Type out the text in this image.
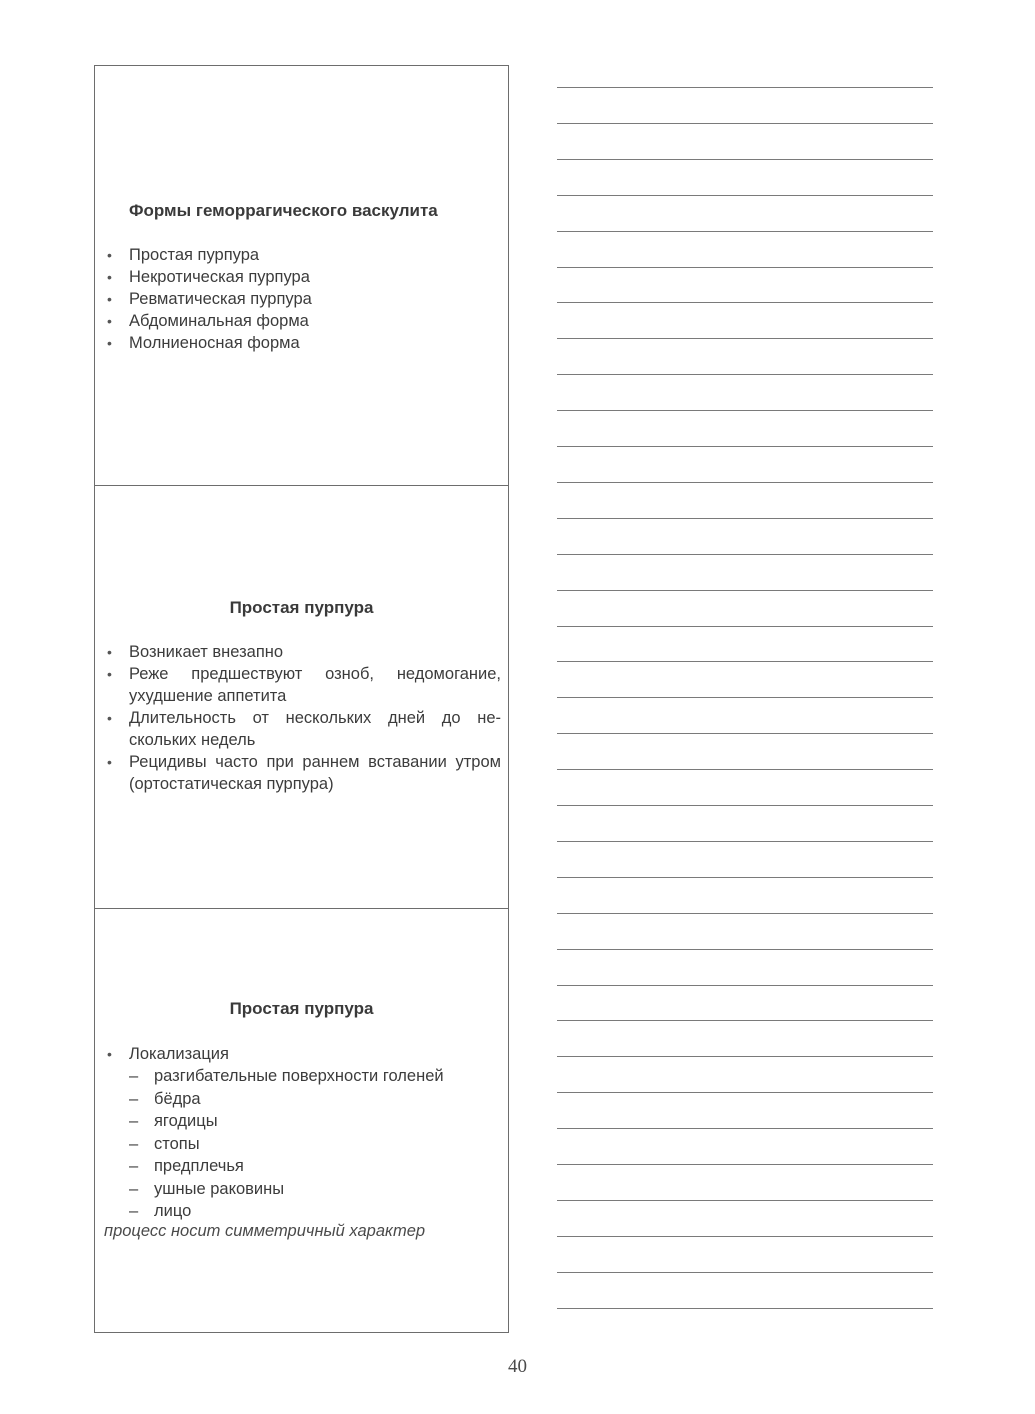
Формы геморрагического васкулита
• Простая пурпура
• Некротическая пурпура
• Ревматическая пурпура
• Абдоминальная форма
• Молниеносная форма
Простая пурпура
• Возникает внезапно
• Реже предшествуют озноб, недомогание, ухудшение аппетита
• Длительность от нескольких дней до не-скольких недель
• Рецидивы часто при раннем вставании утром (ортостатическая пурпура)
Простая пурпура
• Локализация
– разгибательные поверхности голеней
– бёдра
– ягодицы
– стопы
– предплечья
– ушные раковины
– лицо
процесс носит симметричный характер
40
